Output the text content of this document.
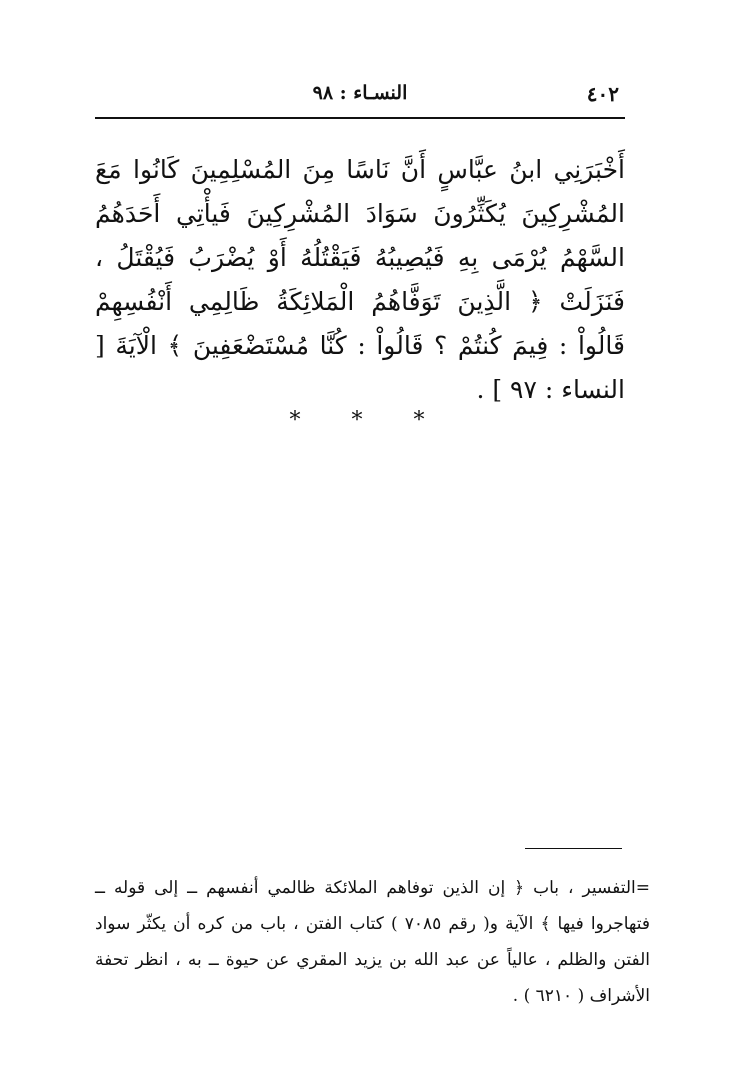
٤٠٢
النسـاء : ٩٨

أَخْبَرَنِي ابنُ عبَّاسٍ أَنَّ نَاسًا مِنَ المُسْلِمِينَ كَانُوا مَعَ المُشْرِكِينَ يُكَثِّرُونَ سَوَادَ المُشْرِكِينَ فَيأْتِي أَحَدَهُمُ السَّهْمُ يُرْمَى بِهِ فَيُصِيبُهُ فَيَقْتُلُهُ أَوْ يُضْرَبُ فَيُقْتَلُ ، فَنَزَلَتْ ﴿ الَّذِينَ تَوَفَّاهُمُ الْمَلائِكَةُ ظَالِمِي أَنْفُسِهِمْ قَالُواْ : فِيمَ كُنتُمْ ؟ قَالُواْ : كُنَّا مُسْتَضْعَفِينَ ﴾ الْآيَةَ [ النساء : ٩٧ ] .

* * *

=التفسير ، باب ﴿ إن الذين توفاهم الملائكة ظالمي أنفسهم ــ إلى قوله ــ فتهاجروا فيها ﴾ الآية و( رقم ٧٠٨٥ ) كتاب الفتن ، باب من كره أن يكثّر سواد الفتن والظلم ، عالياً عن عبد الله بن يزيد المقري عن حيوة ــ به ، انظر تحفة الأشراف ( ٦٢١٠ ) .
